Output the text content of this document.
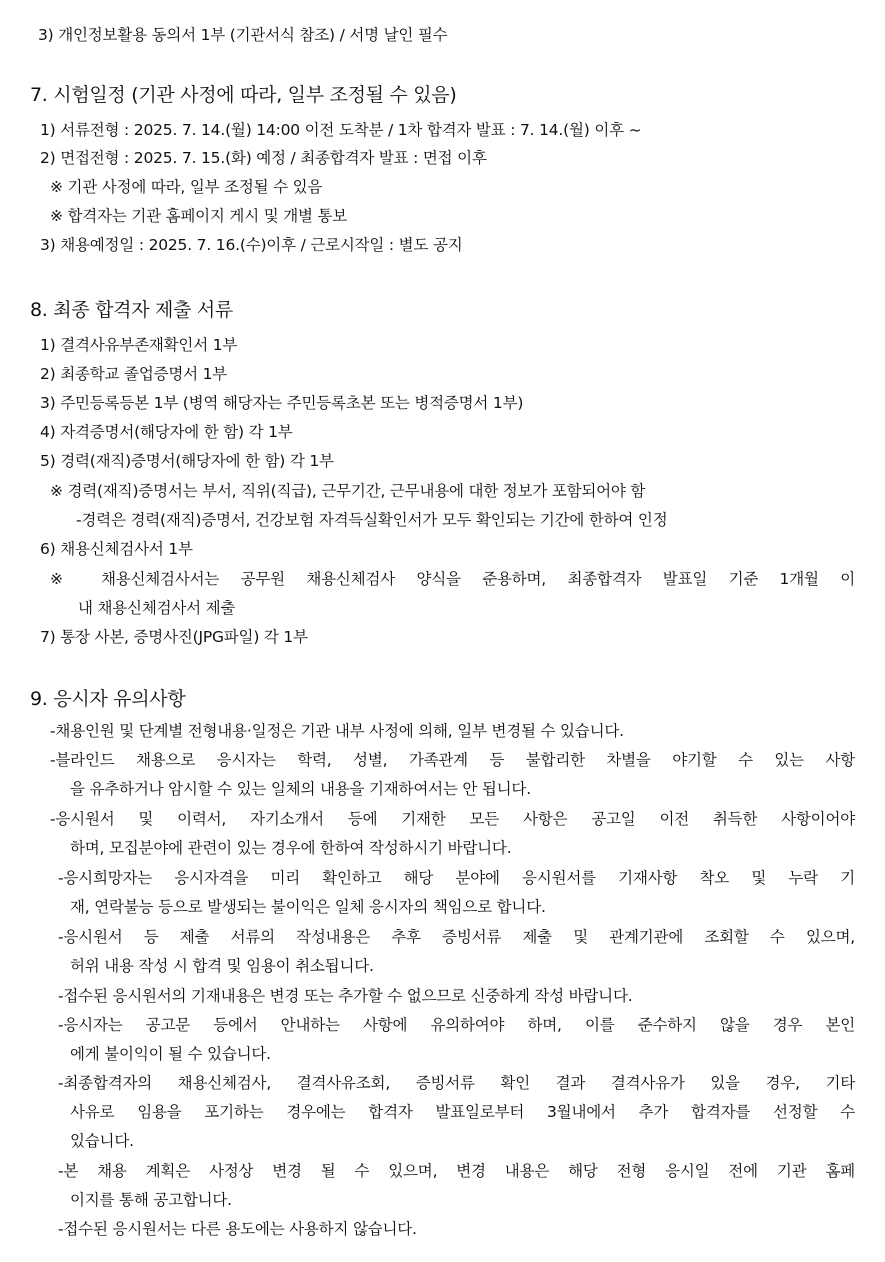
3) 개인정보활용 동의서 1부 (기관서식 참조) / 서명 날인 필수
7. 시험일정 (기관 사정에 따라, 일부 조정될 수 있음)
1) 서류전형 : 2025. 7. 14.(월) 14:00 이전 도착분 / 1차 합격자 발표 : 7. 14.(월) 이후 ~
2) 면접전형 : 2025. 7. 15.(화) 예정 / 최종합격자 발표 : 면접 이후
※ 기관 사정에 따라, 일부 조정될 수 있음
※ 합격자는 기관 홈페이지 게시 및 개별 통보
3) 채용예정일 : 2025. 7. 16.(수)이후 / 근로시작일 : 별도 공지
8. 최종 합격자 제출 서류
1) 결격사유부존재확인서 1부
2) 최종학교 졸업증명서 1부
3) 주민등록등본 1부 (병역 해당자는 주민등록초본 또는 병적증명서 1부)
4) 자격증명서(해당자에 한 함) 각 1부
5) 경력(재직)증명서(해당자에 한 함) 각 1부
※ 경력(재직)증명서는 부서, 직위(직급), 근무기간, 근무내용에 대한 정보가 포함되어야 함
-경력은 경력(재직)증명서, 건강보험 자격득실확인서가 모두 확인되는 기간에 한하여 인정
6) 채용신체검사서 1부
※ 채용신체검사서는 공무원 채용신체검사 양식을 준용하며, 최종합격자 발표일 기준 1개월 이
내 채용신체검사서 제출
7) 통장 사본, 증명사진(JPG파일) 각 1부
9. 응시자 유의사항
-채용인원 및 단계별 전형내용·일정은 기관 내부 사정에 의해, 일부 변경될 수 있습니다.
-블라인드 채용으로 응시자는 학력, 성별, 가족관계 등 불합리한 차별을 야기할 수 있는 사항
을 유추하거나 암시할 수 있는 일체의 내용을 기재하여서는 안 됩니다.
-응시원서 및 이력서, 자기소개서 등에 기재한 모든 사항은 공고일 이전 취득한 사항이어야
하며, 모집분야에 관련이 있는 경우에 한하여 작성하시기 바랍니다.
-응시희망자는 응시자격을 미리 확인하고 해당 분야에 응시원서를 기재사항 착오 및 누락 기
재, 연락불능 등으로 발생되는 불이익은 일체 응시자의 책임으로 합니다.
-응시원서 등 제출 서류의 작성내용은 추후 증빙서류 제출 및 관계기관에 조회할 수 있으며,
허위 내용 작성 시 합격 및 임용이 취소됩니다.
-접수된 응시원서의 기재내용은 변경 또는 추가할 수 없으므로 신중하게 작성 바랍니다.
-응시자는 공고문 등에서 안내하는 사항에 유의하여야 하며, 이를 준수하지 않을 경우 본인
에게 불이익이 될 수 있습니다.
-최종합격자의 채용신체검사, 결격사유조회, 증빙서류 확인 결과 결격사유가 있을 경우, 기타
사유로 임용을 포기하는 경우에는 합격자 발표일로부터 3월내에서 추가 합격자를 선정할 수
있습니다.
-본 채용 계획은 사정상 변경 될 수 있으며, 변경 내용은 해당 전형 응시일 전에 기관 홈페
이지를 통해 공고합니다.
-접수된 응시원서는 다른 용도에는 사용하지 않습니다.
